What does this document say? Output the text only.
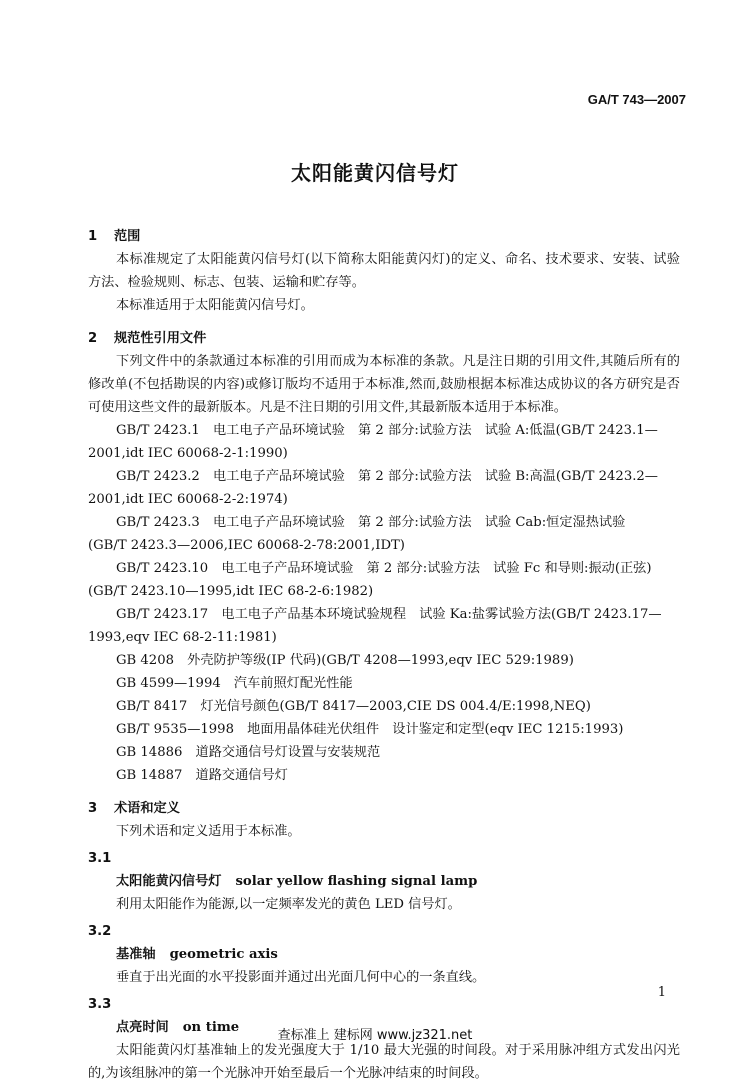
GA/T 743—2007
太阳能黄闪信号灯
1 范围

本标准规定了太阳能黄闪信号灯(以下简称太阳能黄闪灯)的定义、命名、技术要求、安装、试验方法、检验规则、标志、包装、运输和贮存等。

本标准适用于太阳能黄闪信号灯。

2 规范性引用文件

下列文件中的条款通过本标准的引用而成为本标准的条款。凡是注日期的引用文件,其随后所有的修改单(不包括勘误的内容)或修订版均不适用于本标准,然而,鼓励根据本标准达成协议的各方研究是否可使用这些文件的最新版本。凡是不注日期的引用文件,其最新版本适用于本标准。

GB/T 2423.1　电工电子产品环境试验　第 2 部分:试验方法　试验 A:低温(GB/T 2423.1—

2001,idt IEC 60068-2-1:1990)

GB/T 2423.2　电工电子产品环境试验　第 2 部分:试验方法　试验 B:高温(GB/T 2423.2—

2001,idt IEC 60068-2-2:1974)

GB/T 2423.3　电工电子产品环境试验　第 2 部分:试验方法　试验 Cab:恒定湿热试验

(GB/T 2423.3—2006,IEC 60068-2-78:2001,IDT)

GB/T 2423.10　电工电子产品环境试验　第 2 部分:试验方法　试验 Fc 和导则:振动(正弦)

(GB/T 2423.10—1995,idt IEC 68-2-6:1982)

GB/T 2423.17　电工电子产品基本环境试验规程　试验 Ka:盐雾试验方法(GB/T 2423.17—

1993,eqv IEC 68-2-11:1981)

GB 4208　外壳防护等级(IP 代码)(GB/T 4208—1993,eqv IEC 529:1989)

GB 4599—1994　汽车前照灯配光性能

GB/T 8417　灯光信号颜色(GB/T 8417—2003,CIE DS 004.4/E:1998,NEQ)

GB/T 9535—1998　地面用晶体硅光伏组件　设计鉴定和定型(eqv IEC 1215:1993)

GB 14886　道路交通信号灯设置与安装规范

GB 14887　道路交通信号灯

3 术语和定义

下列术语和定义适用于本标准。

3.1
太阳能黄闪信号灯 solar yellow flashing signal lamp

利用太阳能作为能源,以一定频率发光的黄色 LED 信号灯。

3.2
基准轴 geometric axis

垂直于出光面的水平投影面并通过出光面几何中心的一条直线。

3.3
点亮时间 on time

太阳能黄闪灯基准轴上的发光强度大于 1/10 最大光强的时间段。对于采用脉冲组方式发出闪光的,为该组脉冲的第一个光脉冲开始至最后一个光脉冲结束的时间段。

1
查标准上 建标网 www.jz321.net
